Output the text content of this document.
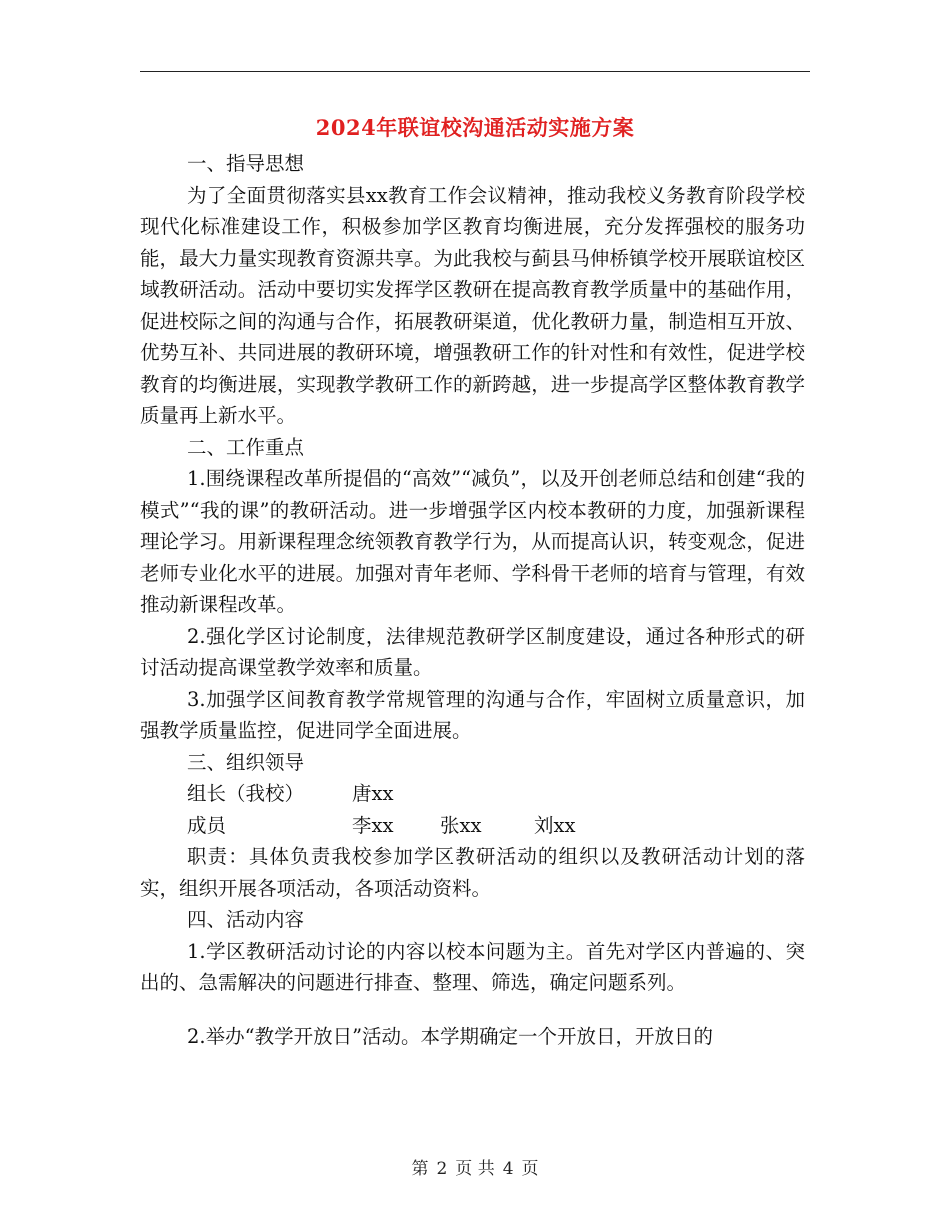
2024年联谊校沟通活动实施方案

一、指导思想

为了全面贯彻落实县xx教育工作会议精神，推动我校义务教育阶段学校现代化标准建设工作，积极参加学区教育均衡进展，充分发挥强校的服务功能，最大力量实现教育资源共享。为此我校与蓟县马伸桥镇学校开展联谊校区域教研活动。活动中要切实发挥学区教研在提高教育教学质量中的基础作用，促进校际之间的沟通与合作，拓展教研渠道，优化教研力量，制造相互开放、优势互补、共同进展的教研环境，增强教研工作的针对性和有效性，促进学校教育的均衡进展，实现教学教研工作的新跨越，进一步提高学区整体教育教学质量再上新水平。

二、工作重点

1.围绕课程改革所提倡的“高效”“减负”，以及开创老师总结和创建“我的模式”“我的课”的教研活动。进一步增强学区内校本教研的力度，加强新课程理论学习。用新课程理念统领教育教学行为，从而提高认识，转变观念，促进老师专业化水平的进展。加强对青年老师、学科骨干老师的培育与管理，有效推动新课程改革。

2.强化学区讨论制度，法律规范教研学区制度建设，通过各种形式的研讨活动提高课堂教学效率和质量。

3.加强学区间教育教学常规管理的沟通与合作，牢固树立质量意识，加强教学质量监控，促进同学全面进展。

三、组织领导

组长（我校） 唐xx
成员	李xx 张xx	刘xx

职责：具体负责我校参加学区教研活动的组织以及教研活动计划的落实，组织开展各项活动，各项活动资料。

四、活动内容

1.学区教研活动讨论的内容以校本问题为主。首先对学区内普遍的、突出的、急需解决的问题进行排查、整理、筛选，确定问题系列。

2.举办“教学开放日”活动。本学期确定一个开放日，开放日的

第 2 页 共 4 页
